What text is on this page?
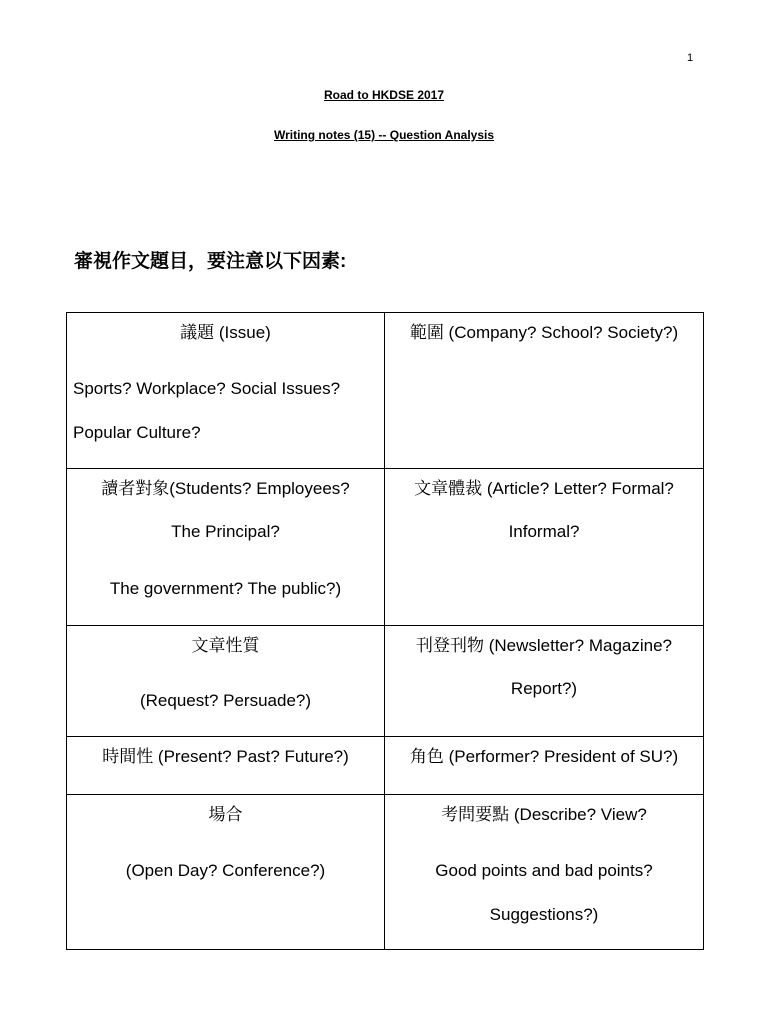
1
Road to HKDSE 2017
Writing notes (15) -- Question Analysis
審視作文題目，要注意以下因素:
議題 (Issue)
Sports? Workplace? Social Issues?
Popular Culture?	範圍 (Company? School? Society?)

讀者對象(Students? Employees?
The Principal?
The government? The public?)	文章體裁 (Article? Letter? Formal?
Informal?

文章性質
(Request? Persuade?)	刊登刊物 (Newsletter? Magazine?
Report?)

時間性 (Present? Past? Future?)	角色 (Performer? President of SU?)

場合
(Open Day? Conference?)	考問要點 (Describe? View?
Good points and bad points?
Suggestions?)
